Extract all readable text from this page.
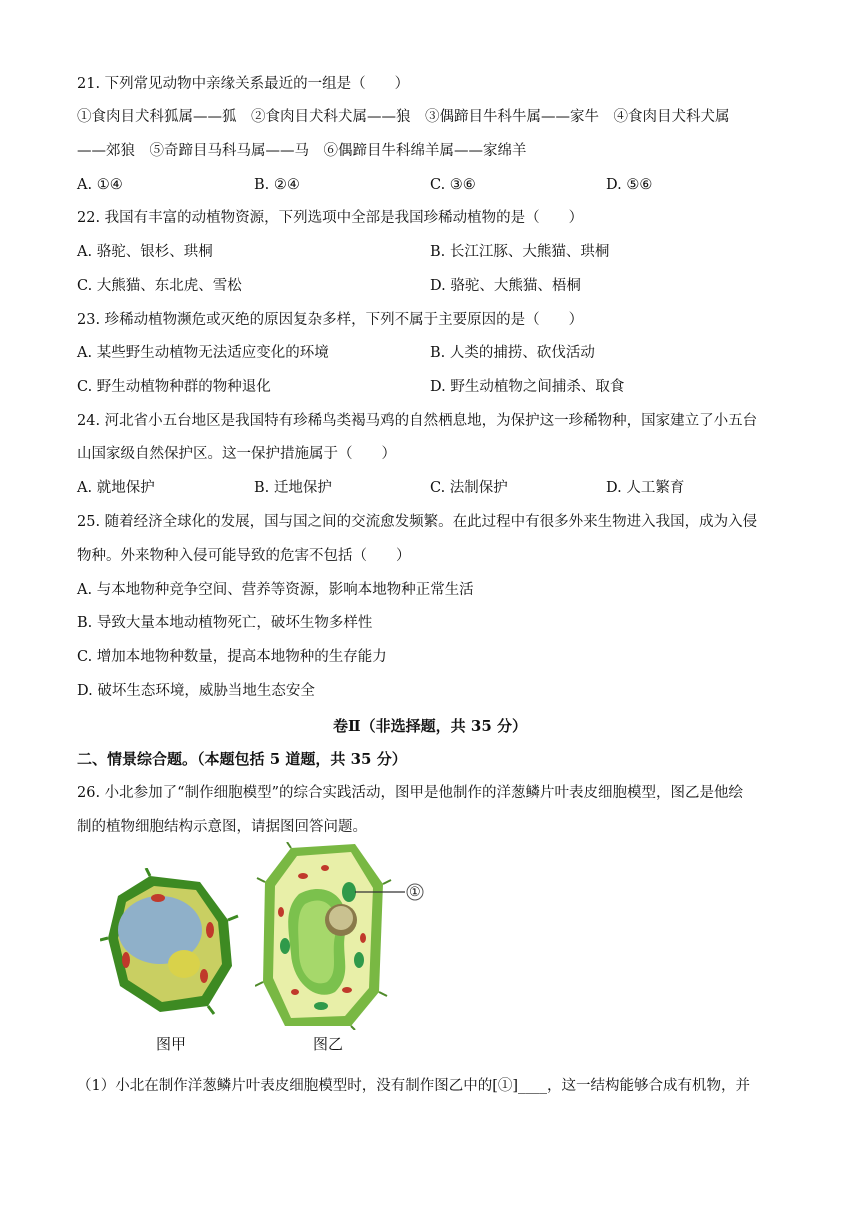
21. 下列常见动物中亲缘关系最近的一组是（　　）
①食肉目犬科狐属——狐　②食肉目犬科犬属——狼　③偶蹄目牛科牛属——家牛　④食肉目犬科犬属
——郊狼　⑤奇蹄目马科马属——马　⑥偶蹄目牛科绵羊属——家绵羊
A. ①④	B. ②④	C. ③⑥	D. ⑤⑥
22. 我国有丰富的动植物资源，下列选项中全部是我国珍稀动植物的是（　　）
A. 骆驼、银杉、珙桐	B. 长江江豚、大熊猫、珙桐
C. 大熊猫、东北虎、雪松	D. 骆驼、大熊猫、梧桐
23. 珍稀动植物濒危或灭绝的原因复杂多样，下列不属于主要原因的是（　　）
A. 某些野生动植物无法适应变化的环境	B. 人类的捕捞、砍伐活动
C. 野生动植物种群的物种退化	D. 野生动植物之间捕杀、取食
24. 河北省小五台地区是我国特有珍稀鸟类褐马鸡的自然栖息地，为保护这一珍稀物种，国家建立了小五台
山国家级自然保护区。这一保护措施属于（　　）
A. 就地保护	B. 迁地保护	C. 法制保护	D. 人工繁育
25. 随着经济全球化的发展，国与国之间的交流愈发频繁。在此过程中有很多外来生物进入我国，成为入侵
物种。外来物种入侵可能导致的危害不包括（　　）
A. 与本地物种竞争空间、营养等资源，影响本地物种正常生活
B. 导致大量本地动植物死亡，破坏生物多样性
C. 增加本地物种数量，提高本地物种的生存能力
D. 破坏生态环境，威胁当地生态安全
卷Ⅱ（非选择题，共 35 分）
二、情景综合题。（本题包括 5 道题，共 35 分）
26. 小北参加了“制作细胞模型”的综合实践活动，图甲是他制作的洋葱鳞片叶表皮细胞模型，图乙是他绘
制的植物细胞结构示意图，请据图回答问题。
①
图甲	图乙
（1）小北在制作洋葱鳞片叶表皮细胞模型时，没有制作图乙中的[①]____，这一结构能够合成有机物，并
